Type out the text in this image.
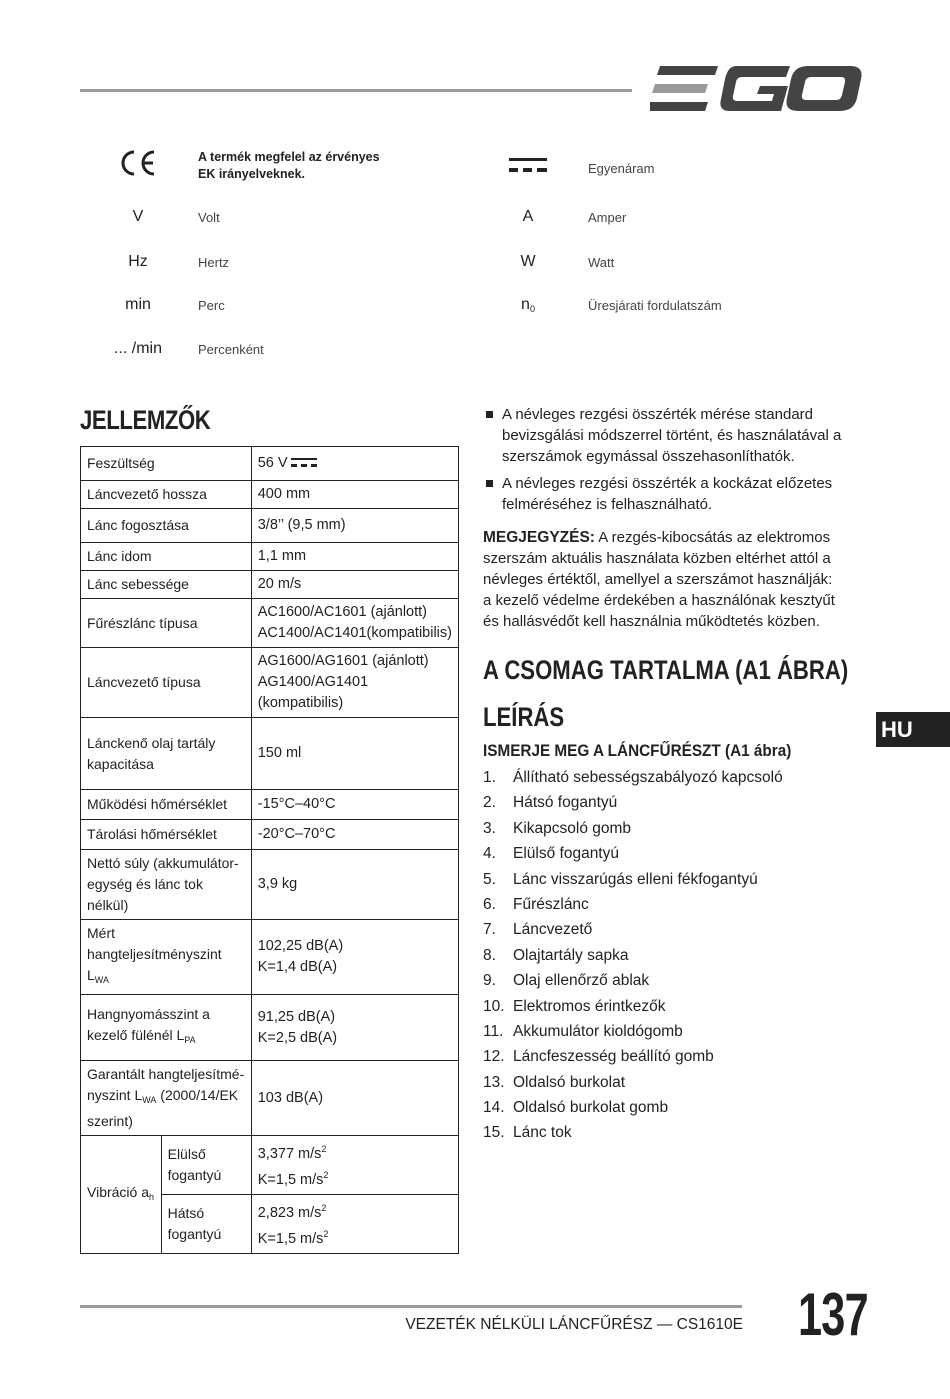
A termék megfelel az érvényes EK irányelveknek.
V	Volt
Hz	Hertz
min	Perc
... /min	Percenként
Egyenáram
A	Amper
W	Watt
$n_0$	Üresjárati fordulatszám
JELLEMZŐK
Feszültség		56 V
Láncvezető hossza		400 mm
Lánc fogosztása		3/8’’ (9,5 mm)
Lánc idom		1,1 mm
Lánc sebessége		20 m/s
Fűrészlánc típusa		AC1600/AC1601 (ajánlott)
AC1400/AC1401(kompatibilis)

Láncvezető típusa		AG1600/AG1601 (ajánlott)
AG1400/AG1401 (kompatibilis)

Lánckenő olaj tartály kapacitása		150 ml
Működési hőmérséklet		-15°C–40°C
Tárolási hőmérséklet		-20°C–70°C
Nettó súly (akkumulátor-egység és lánc tok nélkül)		3,9 kg
Mért hangteljesítményszint $L_{WA}$		102,25 dB(A)
K=1,4 dB(A)

Hangnyomásszint a kezelő fülénél $L_{PA}$		91,25 dB(A)
K=2,5 dB(A)

Garantált hangteljesítmé-nyszint $L_{WA}$ (2000/14/EK szerint)		103 dB(A)
Vibráció $a_h$	Elülső fogantyú	3,377 $m/s^2$
K=1,5 $m/s^2$

	Hátsó fogantyú	2,823 $m/s^2$
K=1,5 $m/s^2$
A névleges rezgési összérték mérése standard bevizsgálási módszerrel történt, és használatával a szerszámok egymással összehasonlíthatók.
A névleges rezgési összérték a kockázat előzetes felméréséhez is felhasználható.
MEGJEGYZÉS: A rezgés-kibocsátás az elektromos szerszám aktuális használata közben eltérhet attól a névleges értéktől, amellyel a szerszámot használják: a kezelő védelme érdekében a használónak kesztyűt és hallásvédőt kell használnia működtetés közben.
A CSOMAG TARTALMA (A1 ÁBRA)
LEÍRÁS
ISMERJE MEG A LÁNCFŰRÉSZT (A1 ábra)
1.	Állítható sebességszabályozó kapcsoló
2.	Hátsó fogantyú
3.	Kikapcsoló gomb
4.	Elülső fogantyú
5.	Lánc visszarúgás elleni fékfogantyú
6.	Fűrészlánc
7.	Láncvezető
8.	Olajtartály sapka
9.	Olaj ellenőrző ablak
10. Elektromos érintkezők
11. Akkumulátor kioldógomb
12. Láncfeszesség beállító gomb
13. Oldalsó burkolat
14. Oldalsó burkolat gomb
15. Lánc tok
HU
VEZETÉK NÉLKÜLI LÁNCFŰRÉSZ — CS1610E 137
